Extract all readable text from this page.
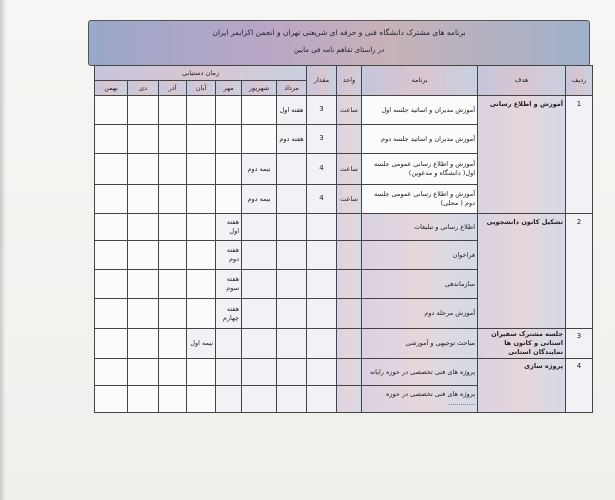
برنامه های مشترک دانشگاه فنی و حرفه ای شریعتی تهران و انجمن اکزایمر ایران
در راستای تفاهم نامه فی مابین
ردیف	هدف	برنامه	واحد	مقدار	زمان دستیابی						
					مرداد	شهریور	مهر	آبان	آذر	دی	بهمن
1	آموزش و اطلاع رسانی	آموزش مدیران و اساتید جلسه اول	ساعت	3	هفته اول						
		آموزش مدیران و اساتید جلسه دوم		3	هفته دوم						
		آموزش و اطلاع رسانی عمومی جلسه اول( دانشگاه و مدعوین)	ساعت	4		نیمه دوم					
		آموزش و اطلاع رسانی عمومی جلسه دوم ( محلی)	ساعت	4		نیمه دوم					
2	تشکیل کانون دانشجویی	اطلاع رسانی و تبلیغات					هفته اول				
		فراخوان					هفته دوم				
		سازماندهی					هفته سوم				
		آموزش مرحله دوم					هفته چهارم				
3	جلسه مشترک سفیران استانی و کانون ها نمایندگان استانی	مباحث توجیهی و آموزشی						نیمه اول			
4	پروژه سازی	پروژه های فنی تخصصی در حوزه رایانه									
		پروژه های فنی تخصصی در حوزه .............									
